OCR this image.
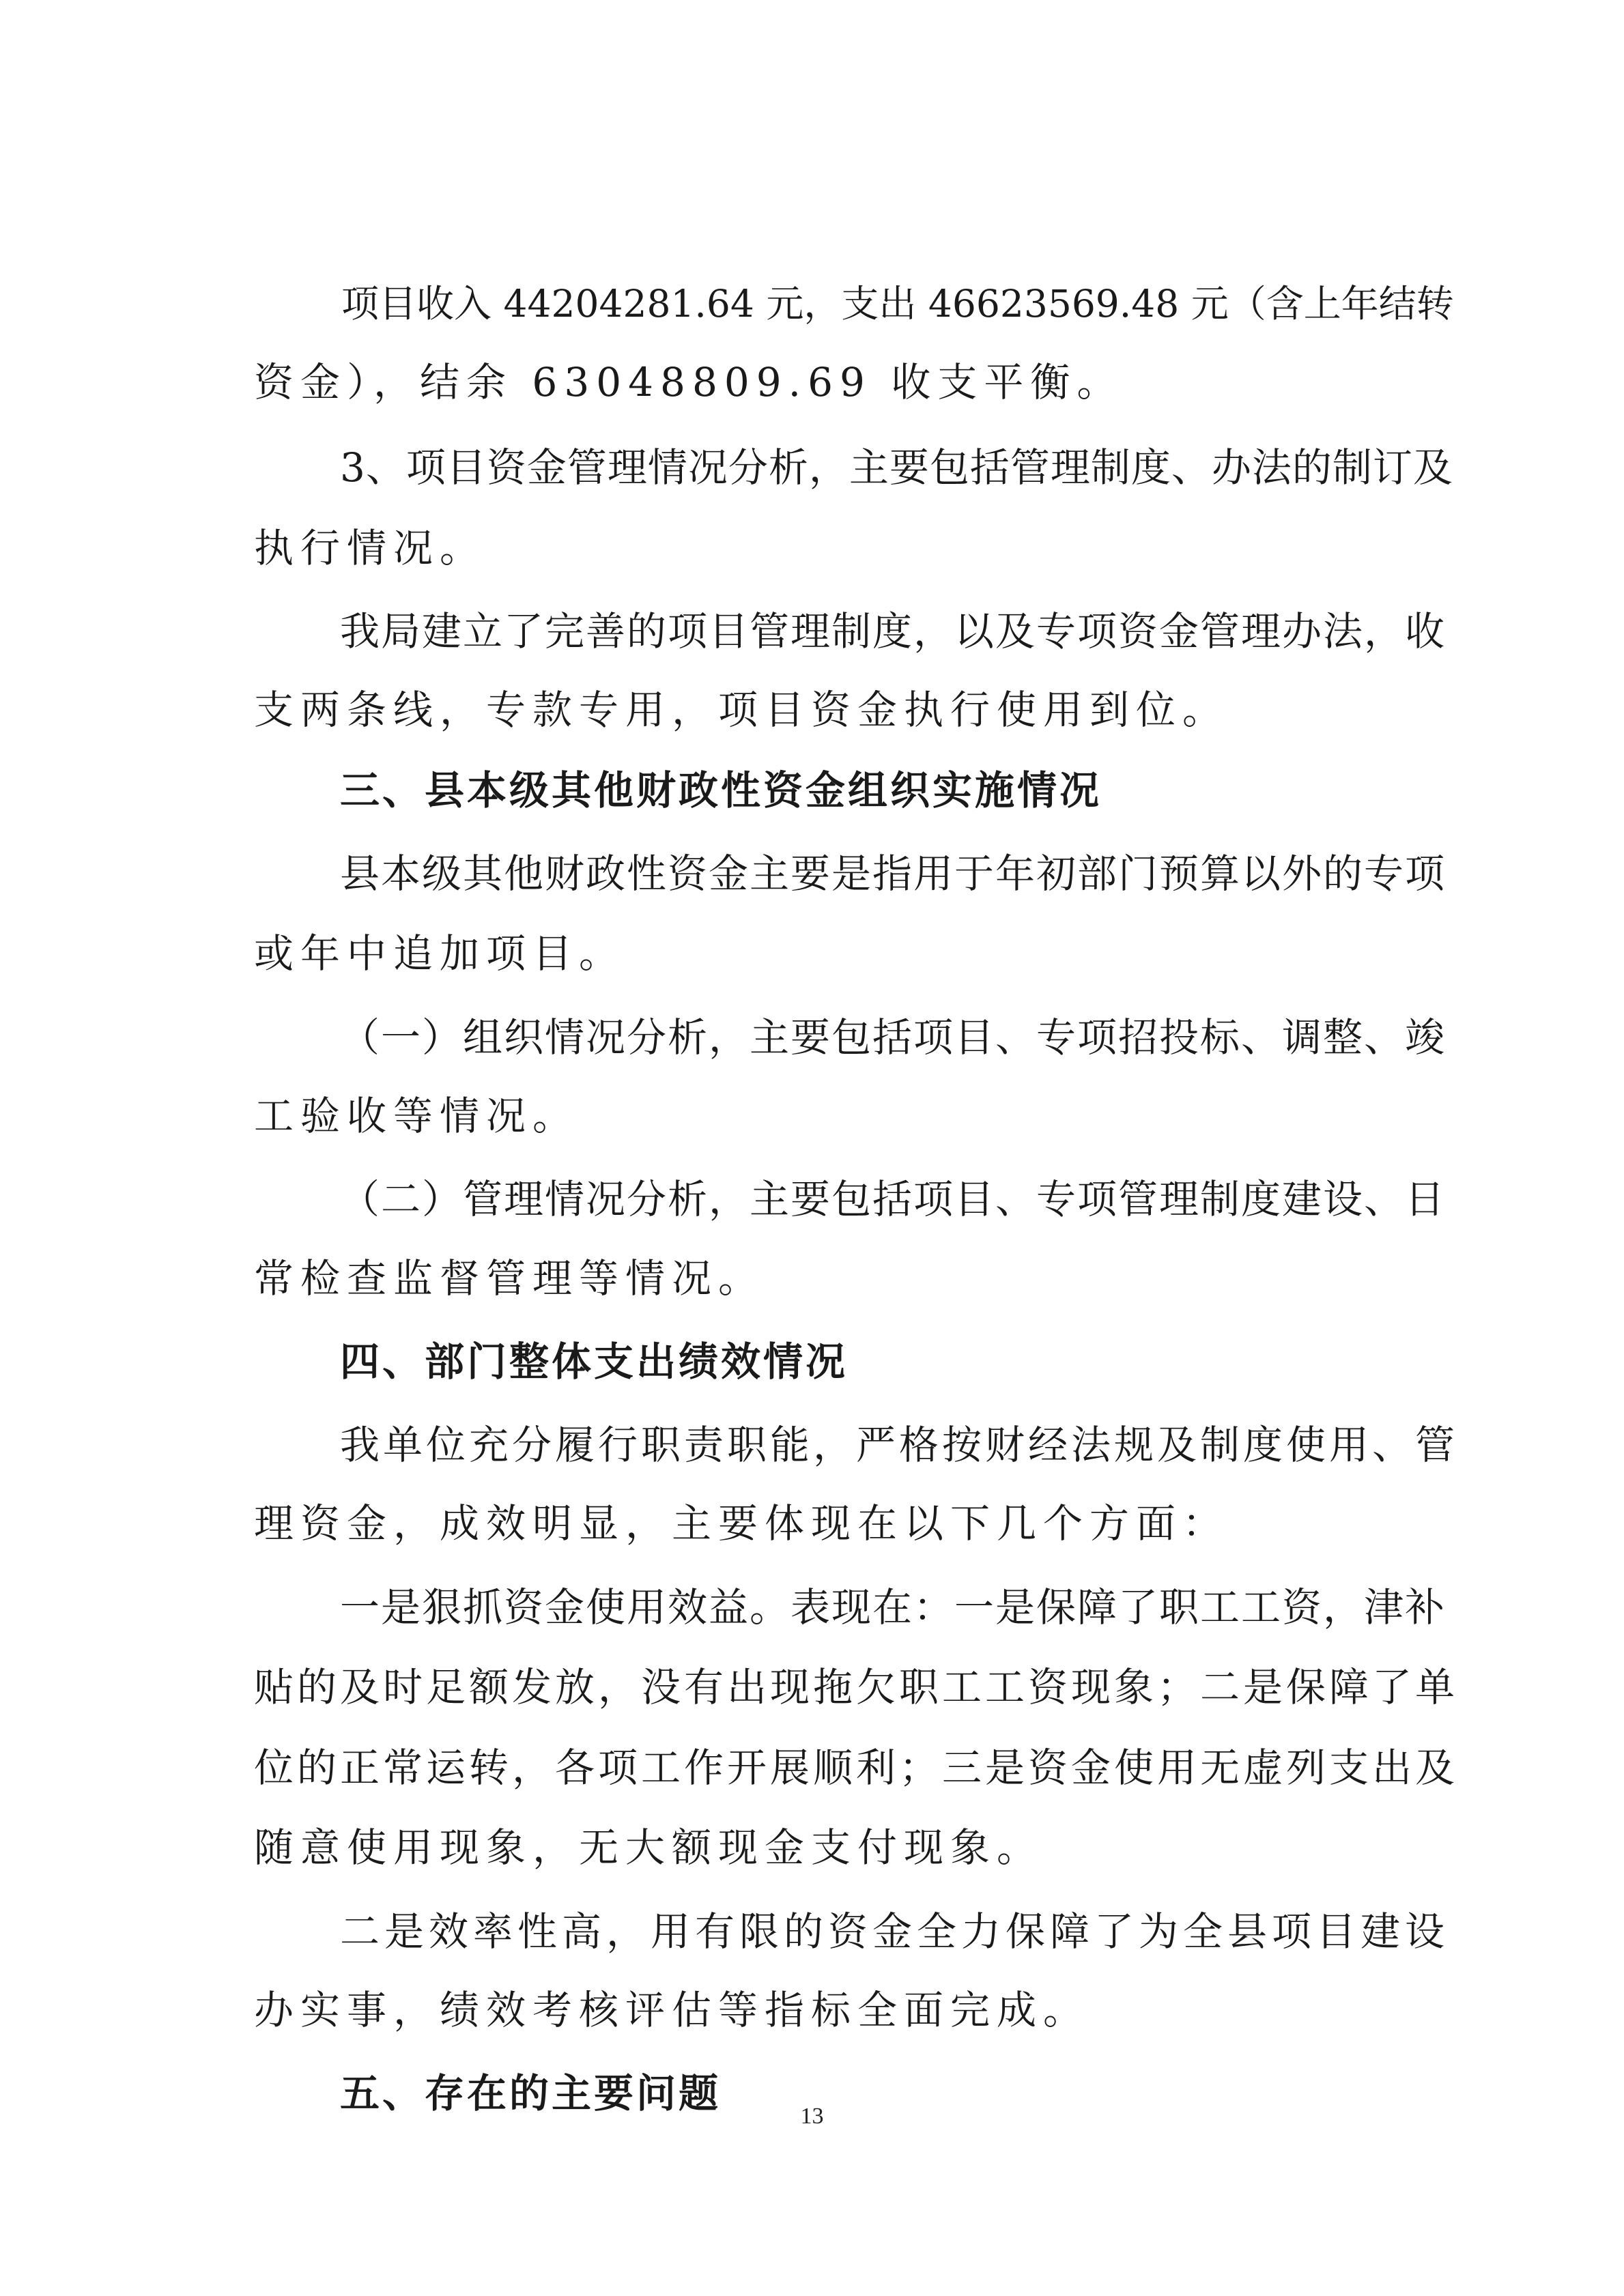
项目收入 44204281.64 元，支出 46623569.48 元（含上年结转
资金），结余 63048809.69 收支平衡。
3、项目资金管理情况分析，主要包括管理制度、办法的制订及
执行情况。
我局建立了完善的项目管理制度，以及专项资金管理办法，收
支两条线，专款专用，项目资金执行使用到位。
三、县本级其他财政性资金组织实施情况
县本级其他财政性资金主要是指用于年初部门预算以外的专项
或年中追加项目。
（一）组织情况分析，主要包括项目、专项招投标、调整、竣
工验收等情况。
（二）管理情况分析，主要包括项目、专项管理制度建设、日
常检查监督管理等情况。
四、部门整体支出绩效情况
我单位充分履行职责职能，严格按财经法规及制度使用、管
理资金，成效明显，主要体现在以下几个方面：
一是狠抓资金使用效益。表现在：一是保障了职工工资，津补
贴的及时足额发放，没有出现拖欠职工工资现象；二是保障了单
位的正常运转，各项工作开展顺利；三是资金使用无虚列支出及
随意使用现象，无大额现金支付现象。
二是效率性高，用有限的资金全力保障了为全县项目建设
办实事，绩效考核评估等指标全面完成。
五、存在的主要问题	13
